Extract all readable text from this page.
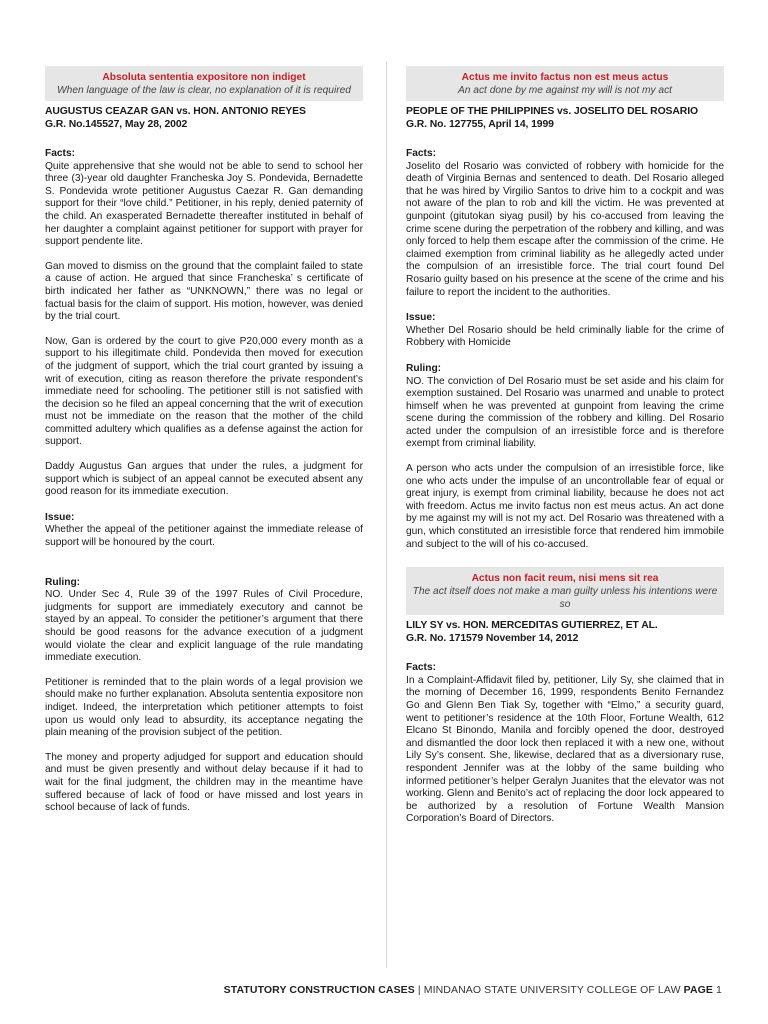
Absoluta sententia expositore non indiget
When language of the law is clear, no explanation of it is required
AUGUSTUS CEAZAR GAN vs. HON. ANTONIO REYES
G.R. No.145527, May 28, 2002
Facts:

Quite apprehensive that she would not be able to send to school her three (3)-year old daughter Francheska Joy S. Pondevida, Bernadette S. Pondevida wrote petitioner Augustus Caezar R. Gan demanding support for their “love child.” Petitioner, in his reply, denied paternity of the child. An exasperated Bernadette thereafter instituted in behalf of her daughter a complaint against petitioner for support with prayer for support pendente lite.

Gan moved to dismiss on the ground that the complaint failed to state a cause of action. He argued that since Francheska’ s certificate of birth indicated her father as “UNKNOWN,” there was no legal or factual basis for the claim of support. His motion, however, was denied by the trial court.

Now, Gan is ordered by the court to give P20,000 every month as a support to his illegitimate child. Pondevida then moved for execution of the judgment of support, which the trial court granted by issuing a writ of execution, citing as reason therefore the private respondent’s immediate need for schooling. The petitioner still is not satisfied with the decision so he filed an appeal concerning that the writ of execution must not be immediate on the reason that the mother of the child committed adultery which qualifies as a defense against the action for support.

Daddy Augustus Gan argues that under the rules, a judgment for support which is subject of an appeal cannot be executed absent any good reason for its immediate execution.

Issue:

Whether the appeal of the petitioner against the immediate release of support will be honoured by the court.

Ruling:

NO. Under Sec 4, Rule 39 of the 1997 Rules of Civil Procedure, judgments for support are immediately executory and cannot be stayed by an appeal. To consider the petitioner’s argument that there should be good reasons for the advance execution of a judgment would violate the clear and explicit language of the rule mandating immediate execution.

Petitioner is reminded that to the plain words of a legal provision we should make no further explanation. Absoluta sententia expositore non indiget. Indeed, the interpretation which petitioner attempts to foist upon us would only lead to absurdity, its acceptance negating the plain meaning of the provision subject of the petition.

The money and property adjudged for support and education should and must be given presently and without delay because if it had to wait for the final judgment, the children may in the meantime have suffered because of lack of food or have missed and lost years in school because of lack of funds.

Actus me invito factus non est meus actus
An act done by me against my will is not my act
PEOPLE OF THE PHILIPPINES vs. JOSELITO DEL ROSARIO
G.R. No. 127755, April 14, 1999
Facts:

Joselito del Rosario was convicted of robbery with homicide for the death of Virginia Bernas and sentenced to death. Del Rosario alleged that he was hired by Virgilio Santos to drive him to a cockpit and was not aware of the plan to rob and kill the victim. He was prevented at gunpoint (gitutokan siyag pusil) by his co-accused from leaving the crime scene during the perpetration of the robbery and killing, and was only forced to help them escape after the commission of the crime. He claimed exemption from criminal liability as he allegedly acted under the compulsion of an irresistible force. The trial court found Del Rosario guilty based on his presence at the scene of the crime and his failure to report the incident to the authorities.

Issue:

Whether Del Rosario should be held criminally liable for the crime of Robbery with Homicide

Ruling:

NO. The conviction of Del Rosario must be set aside and his claim for exemption sustained. Del Rosario was unarmed and unable to protect himself when he was prevented at gunpoint from leaving the crime scene during the commission of the robbery and killing. Del Rosario acted under the compulsion of an irresistible force and is therefore exempt from criminal liability.

A person who acts under the compulsion of an irresistible force, like one who acts under the impulse of an uncontrollable fear of equal or great injury, is exempt from criminal liability, because he does not act with freedom. Actus me invito factus non est meus actus. An act done by me against my will is not my act. Del Rosario was threatened with a gun, which constituted an irresistible force that rendered him immobile and subject to the will of his co-accused.

Actus non facit reum, nisi mens sit rea
The act itself does not make a man guilty unless his intentions were so
LILY SY vs. HON. MERCEDITAS GUTIERREZ, ET AL.
G.R. No. 171579 November 14, 2012
Facts:

In a Complaint-Affidavit filed by, petitioner, Lily Sy, she claimed that in the morning of December 16, 1999, respondents Benito Fernandez Go and Glenn Ben Tiak Sy, together with “Elmo,” a security guard, went to petitioner’s residence at the 10th Floor, Fortune Wealth, 612 Elcano St Binondo, Manila and forcibly opened the door, destroyed and dismantled the door lock then replaced it with a new one, without Lily Sy’s consent. She, likewise, declared that as a diversionary ruse, respondent Jennifer was at the lobby of the same building who informed petitioner’s helper Geralyn Juanites that the elevator was not working. Glenn and Benito’s act of replacing the door lock appeared to be authorized by a resolution of Fortune Wealth Mansion Corporation’s Board of Directors.

STATUTORY CONSTRUCTION CASES | MINDANAO STATE UNIVERSITY COLLEGE OF LAW PAGE 1
